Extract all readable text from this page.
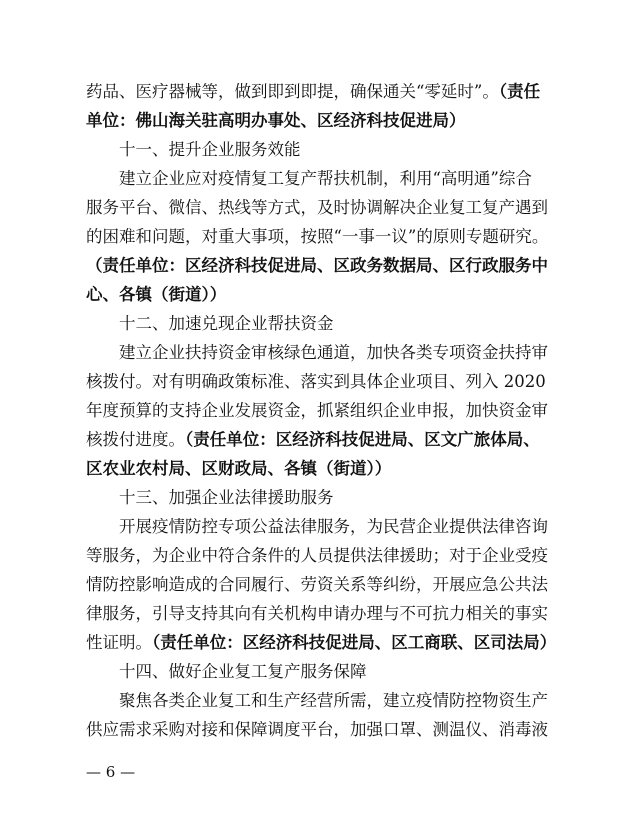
药品、医疗器械等，做到即到即提，确保通关“零延时”。（责任
单位：佛山海关驻高明办事处、区经济科技促进局）
十一、提升企业服务效能
建立企业应对疫情复工复产帮扶机制，利用“高明通”综合
服务平台、微信、热线等方式，及时协调解决企业复工复产遇到
的困难和问题，对重大事项，按照“一事一议”的原则专题研究。
（责任单位：区经济科技促进局、区政务数据局、区行政服务中
心、各镇（街道））
十二、加速兑现企业帮扶资金
建立企业扶持资金审核绿色通道，加快各类专项资金扶持审
核拨付。对有明确政策标准、落实到具体企业项目、列入 2020
年度预算的支持企业发展资金，抓紧组织企业申报，加快资金审
核拨付进度。（责任单位：区经济科技促进局、区文广旅体局、
区农业农村局、区财政局、各镇（街道））
十三、加强企业法律援助服务
开展疫情防控专项公益法律服务，为民营企业提供法律咨询
等服务，为企业中符合条件的人员提供法律援助；对于企业受疫
情防控影响造成的合同履行、劳资关系等纠纷，开展应急公共法
律服务，引导支持其向有关机构申请办理与不可抗力相关的事实
性证明。（责任单位：区经济科技促进局、区工商联、区司法局）
十四、做好企业复工复产服务保障
聚焦各类企业复工和生产经营所需，建立疫情防控物资生产
供应需求采购对接和保障调度平台，加强口罩、测温仪、消毒液
— 6 —
